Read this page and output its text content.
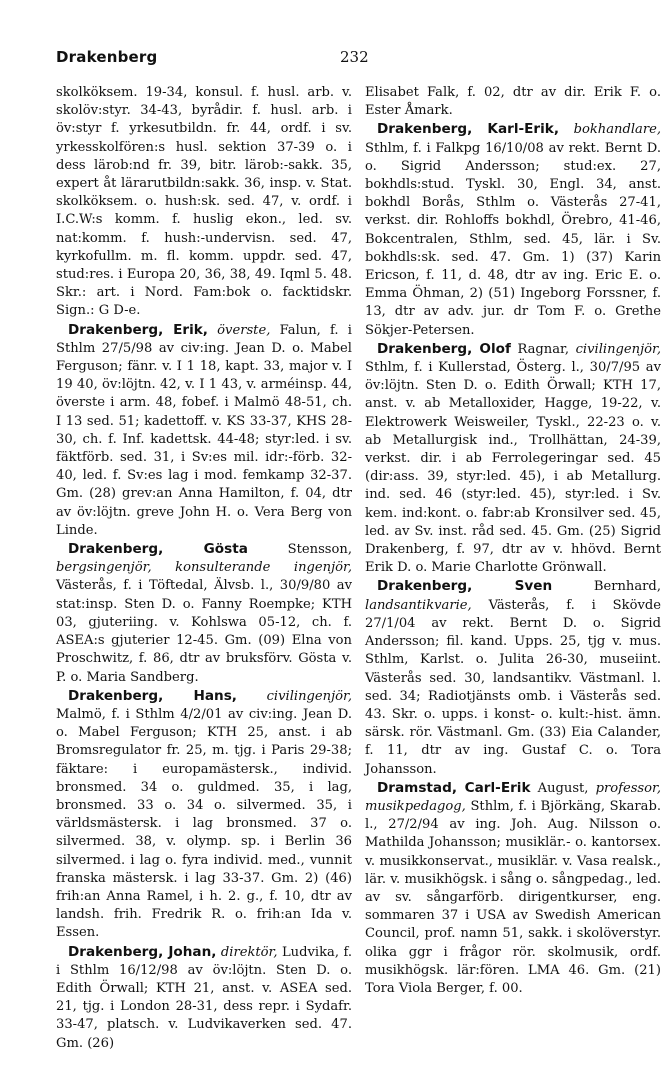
Drakenberg	232

skolköksem. 19-34, konsul. f. husl. arb. v. skolöv:styr. 34-43, byrådir. f. husl. arb. i öv:styr f. yrkesutbildn. fr. 44, ordf. i sv. yrkesskolfören:s husl. sektion 37-39 o. i dess lärob:nd fr. 39, bitr. lärob:-sakk. 35, expert åt lärarutbildn:sakk. 36, insp. v. Stat. skolköksem. o. hush:sk. sed. 47, v. ordf. i I.C.W:s komm. f. huslig ekon., led. sv. nat:komm. f. hush:-undervisn. sed. 47, kyrkofullm. m. fl. komm. uppdr. sed. 47, stud:res. i Europa 20, 36, 38, 49. Iqml 5. 48. Skr.: art. i Nord. Fam:bok o. facktidskr. Sign.: G D-e.

Drakenberg, Erik, överste, Falun, f. i Sthlm 27/5/98 av civ:ing. Jean D. o. Mabel Ferguson; fänr. v. I 1 18, kapt. 33, major v. I 19 40, öv:löjtn. 42, v. I 1 43, v. arméinsp. 44, överste i arm. 48, fobef. i Malmö 48-51, ch. I 13 sed. 51; kadettoff. v. KS 33-37, KHS 28-30, ch. f. Inf. kadettsk. 44-48; styr:led. i sv. fäktförb. sed. 31, i Sv:es mil. idr:-förb. 32-40, led. f. Sv:es lag i mod. femkamp 32-37. Gm. (28) grev:an Anna Hamilton, f. 04, dtr av öv:löjtn. greve John H. o. Vera Berg von Linde.

Drakenberg, Gösta Stensson, bergsingenjör, konsulterande ingenjör, Västerås, f. i Töftedal, Älvsb. l., 30/9/80 av stat:insp. Sten D. o. Fanny Roempke; KTH 03, gjuteriing. v. Kohlswa 05-12, ch. f. ASEA:s gjuterier 12-45. Gm. (09) Elna von Proschwitz, f. 86, dtr av bruksförv. Gösta v. P. o. Maria Sandberg.

Drakenberg, Hans, civilingenjör, Malmö, f. i Sthlm 4/2/01 av civ:ing. Jean D. o. Mabel Ferguson; KTH 25, anst. i ab Bromsregulator fr. 25, m. tjg. i Paris 29-38; fäktare: i europamästersk., individ. bronsmed. 34 o. guldmed. 35, i lag, bronsmed. 33 o. 34 o. silvermed. 35, i världsmästersk. i lag bronsmed. 37 o. silvermed. 38, v. olymp. sp. i Berlin 36 silvermed. i lag o. fyra individ. med., vunnit franska mästersk. i lag 33-37. Gm. 2) (46) frih:an Anna Ramel, i h. 2. g., f. 10, dtr av landsh. frih. Fredrik R. o. frih:an Ida v. Essen.

Drakenberg, Johan, direktör, Ludvika, f. i Sthlm 16/12/98 av öv:löjtn. Sten D. o. Edith Örwall; KTH 21, anst. v. ASEA sed. 21, tjg. i London 28-31, dess repr. i Sydafr. 33-47, platsch. v. Ludvikaverken sed. 47. Gm. (26)

Elisabet Falk, f. 02, dtr av dir. Erik F. o. Ester Åmark.

Drakenberg, Karl-Erik, bokhandlare, Sthlm, f. i Falkpg 16/10/08 av rekt. Bernt D. o. Sigrid Andersson; stud:ex. 27, bokhdls:stud. Tyskl. 30, Engl. 34, anst. bokhdl Borås, Sthlm o. Västerås 27-41, verkst. dir. Rohloffs bokhdl, Örebro, 41-46, Bokcentralen, Sthlm, sed. 45, lär. i Sv. bokhdls:sk. sed. 47. Gm. 1) (37) Karin Ericson, f. 11, d. 48, dtr av ing. Eric E. o. Emma Öhman, 2) (51) Ingeborg Forssner, f. 13, dtr av adv. jur. dr Tom F. o. Grethe Sökjer-Petersen.

Drakenberg, Olof Ragnar, civilingenjör, Sthlm, f. i Kullerstad, Österg. l., 30/7/95 av öv:löjtn. Sten D. o. Edith Örwall; KTH 17, anst. v. ab Metalloxider, Hagge, 19-22, v. Elektrowerk Weisweiler, Tyskl., 22-23 o. v. ab Metallurgisk ind., Trollhättan, 24-39, verkst. dir. i ab Ferrolegeringar sed. 45 (dir:ass. 39, styr:led. 45), i ab Metallurg. ind. sed. 46 (styr:led. 45), styr:led. i Sv. kem. ind:kont. o. fabr:ab Kronsilver sed. 45, led. av Sv. inst. råd sed. 45. Gm. (25) Sigrid Drakenberg, f. 97, dtr av v. hhövd. Bernt Erik D. o. Marie Charlotte Grönwall.

Drakenberg, Sven Bernhard, landsantikvarie, Västerås, f. i Skövde 27/1/04 av rekt. Bernt D. o. Sigrid Andersson; fil. kand. Upps. 25, tjg v. mus. Sthlm, Karlst. o. Julita 26-30, museiint. Västerås sed. 30, landsantikv. Västmanl. l. sed. 34; Radiotjänsts omb. i Västerås sed. 43. Skr. o. upps. i konst- o. kult:-hist. ämn. särsk. rör. Västmanl. Gm. (33) Eia Calander, f. 11, dtr av ing. Gustaf C. o. Tora Johansson.

Dramstad, Carl-Erik August, professor, musikpedagog, Sthlm, f. i Björkäng, Skarab. l., 27/2/94 av ing. Joh. Aug. Nilsson o. Mathilda Johansson; musiklär.- o. kantorsex. v. musikkonservat., musiklär. v. Vasa realsk., lär. v. musikhögsk. i sång o. sångpedag., led. av sv. sångarförb. dirigentkurser, eng. sommaren 37 i USA av Swedish American Council, prof. namn 51, sakk. i skolöverstyr. olika ggr i frågor rör. skolmusik, ordf. musikhögsk. lär:fören. LMA 46. Gm. (21) Tora Viola Berger, f. 00.
